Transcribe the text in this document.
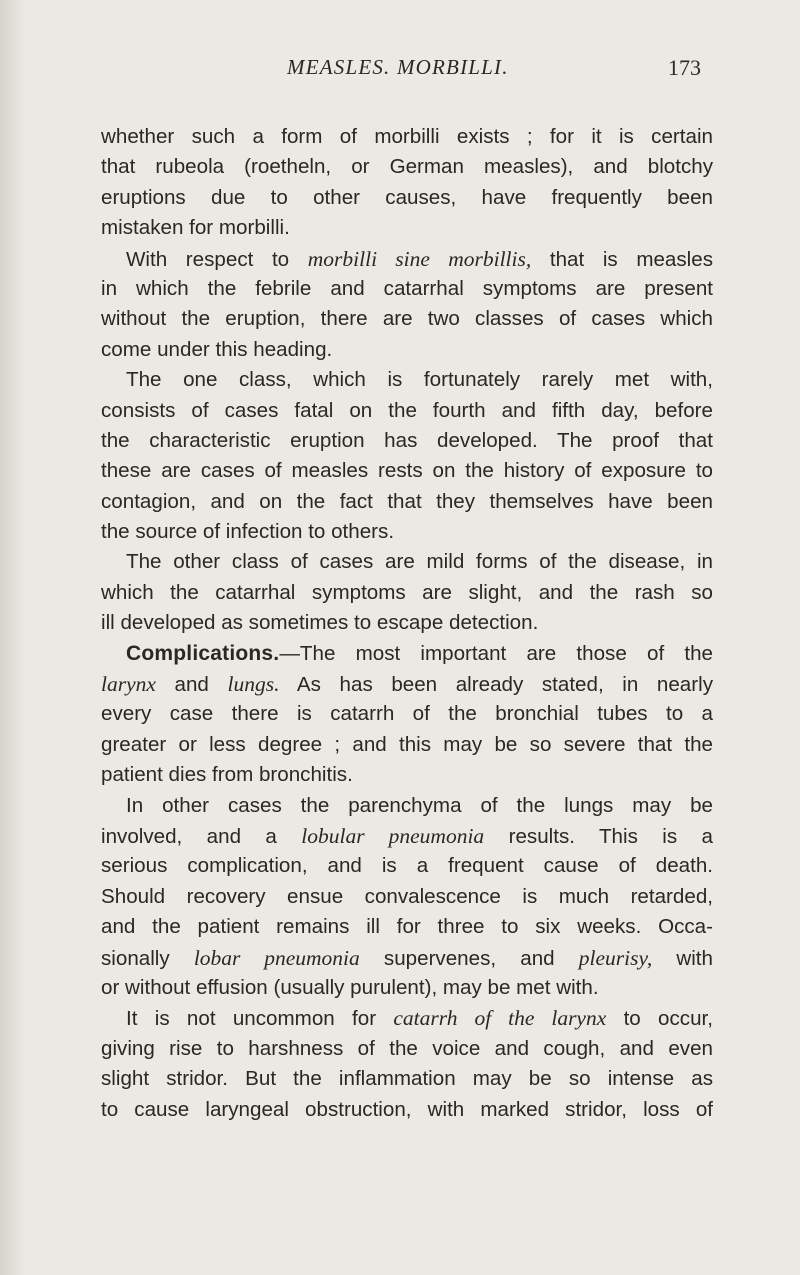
MEASLES. MORBILLI.	173
whether such a form of morbilli exists ; for it is certain
that rubeola (roetheln, or German measles), and blotchy
eruptions due to other causes, have frequently been
mistaken for morbilli.
With respect to morbilli sine morbillis, that is measles
in which the febrile and catarrhal symptoms are present
without the eruption, there are two classes of cases which
come under this heading.
The one class, which is fortunately rarely met with,
consists of cases fatal on the fourth and fifth day, before
the characteristic eruption has developed. The proof that
these are cases of measles rests on the history of exposure to
contagion, and on the fact that they themselves have been
the source of infection to others.
The other class of cases are mild forms of the disease, in
which the catarrhal symptoms are slight, and the rash so
ill developed as sometimes to escape detection.
Complications.—The most important are those of the
larynx and lungs. As has been already stated, in nearly
every case there is catarrh of the bronchial tubes to a
greater or less degree ; and this may be so severe that the
patient dies from bronchitis.
In other cases the parenchyma of the lungs may be
involved, and a lobular pneumonia results. This is a
serious complication, and is a frequent cause of death.
Should recovery ensue convalescence is much retarded,
and the patient remains ill for three to six weeks. Occa-
sionally lobar pneumonia supervenes, and pleurisy, with
or without effusion (usually purulent), may be met with.
It is not uncommon for catarrh of the larynx to occur,
giving rise to harshness of the voice and cough, and even
slight stridor. But the inflammation may be so intense as
to cause laryngeal obstruction, with marked stridor, loss of
